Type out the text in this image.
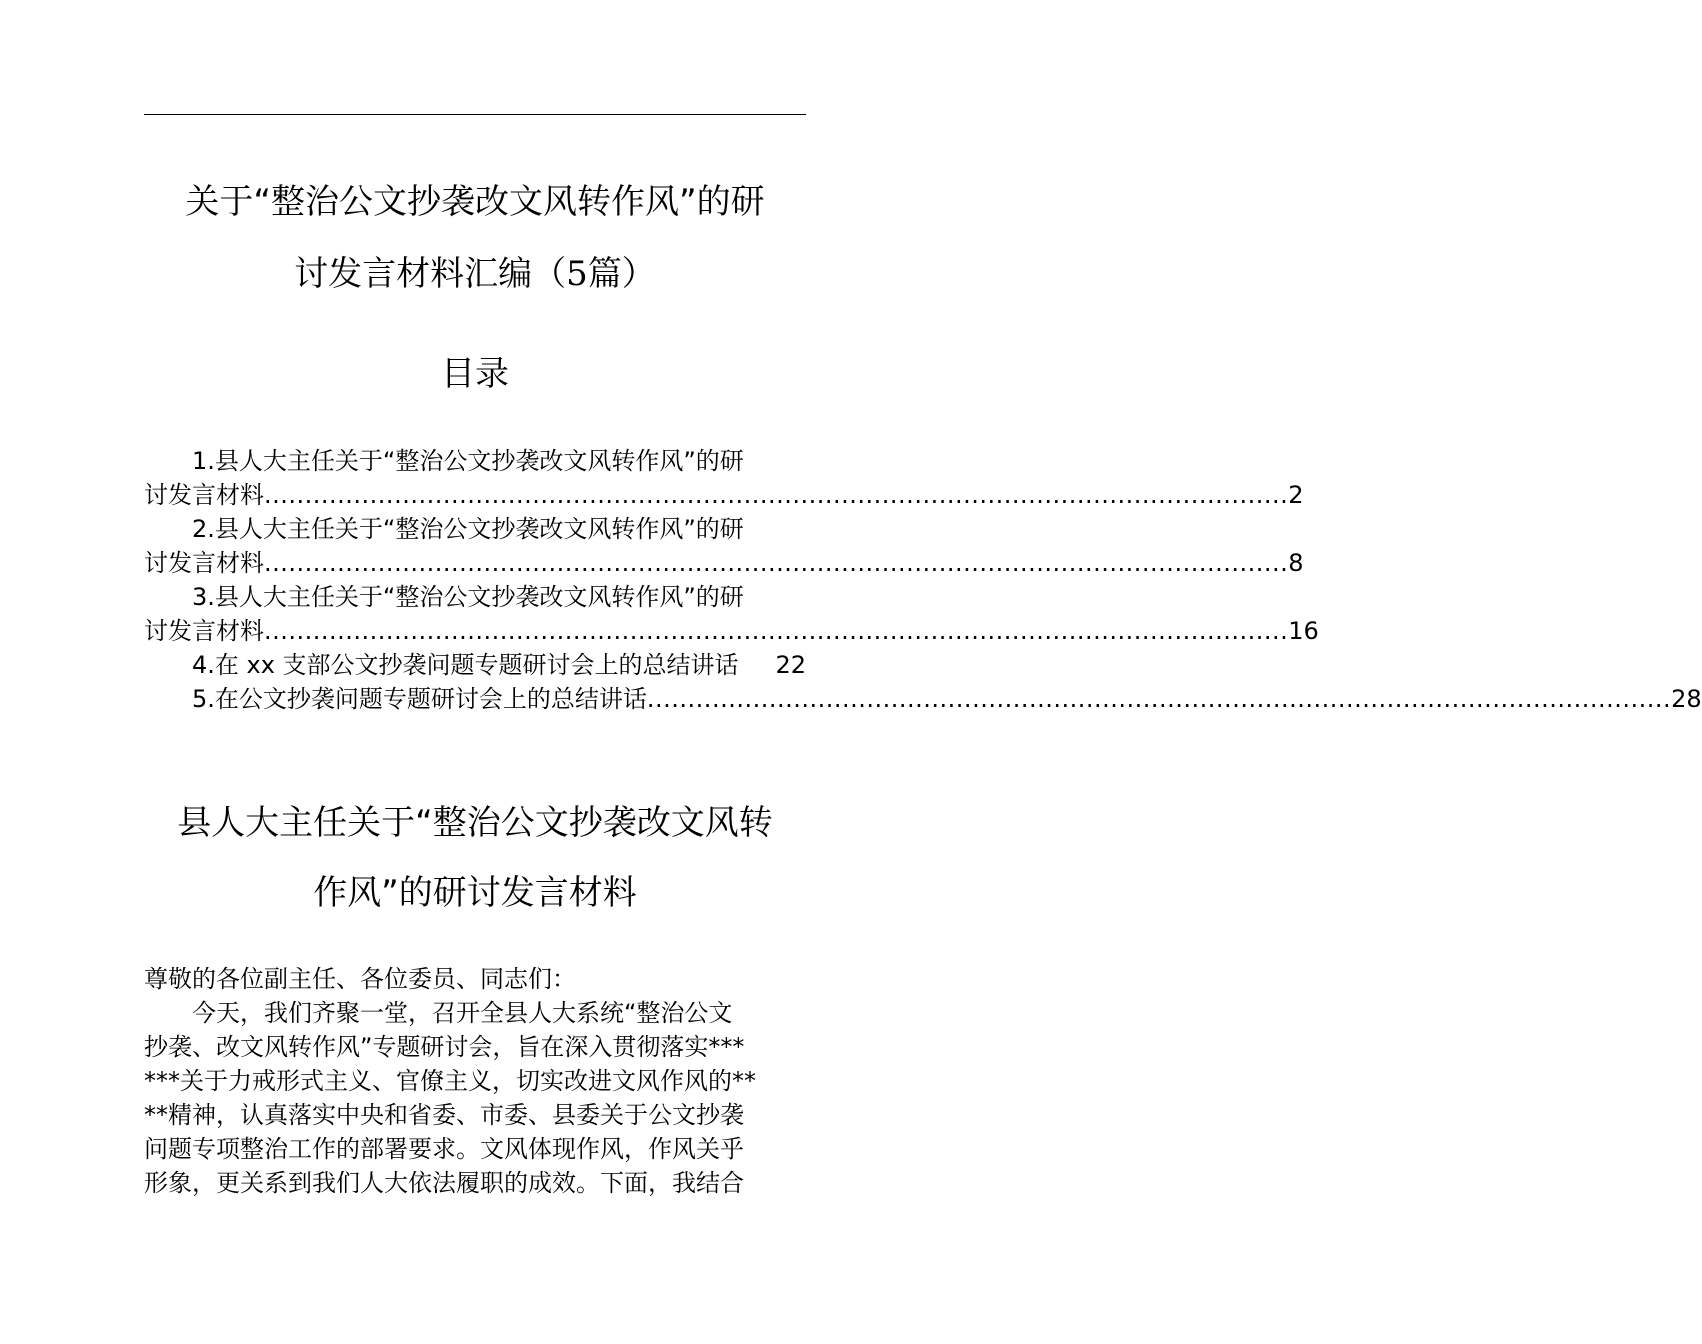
关于“整治公文抄袭改文风转作风”的研
讨发言材料汇编（5篇）
目录
1.县人大主任关于“整治公文抄袭改文风转作风”的研
讨发言材料 .............................................................................................................................. 2
2.县人大主任关于“整治公文抄袭改文风转作风”的研
讨发言材料 .............................................................................................................................. 8
3.县人大主任关于“整治公文抄袭改文风转作风”的研
讨发言材料 .............................................................................................................................. 16
4.在 xx 支部公文抄袭问题专题研讨会上的总结讲话 22
5.在公文抄袭问题专题研讨会上的总结讲话 .............................................................................................................................. 28
县人大主任关于“整治公文抄袭改文风转
作风”的研讨发言材料
尊敬的各位副主任、各位委员、同志们：
今天，我们齐聚一堂，召开全县人大系统“整治公文
抄袭、改文风转作风”专题研讨会，旨在深入贯彻落实***
***关于力戒形式主义、官僚主义，切实改进文风作风的**
**精神，认真落实中央和省委、市委、县委关于公文抄袭
问题专项整治工作的部署要求。文风体现作风，作风关乎
形象，更关系到我们人大依法履职的成效。下面，我结合
